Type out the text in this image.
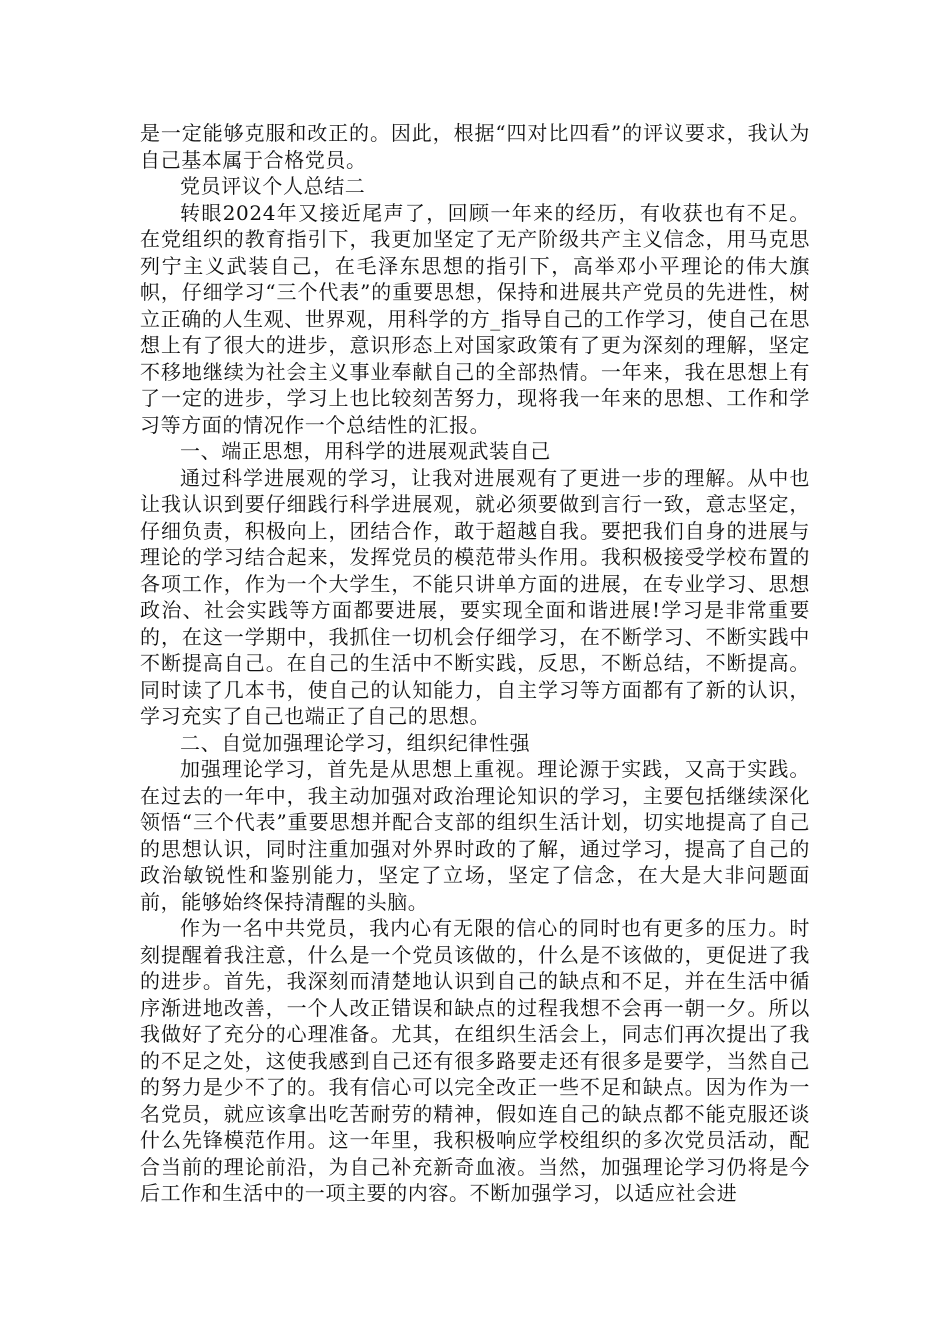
是一定能够克服和改正的。因此，根据“四对比四看”的评议要求，我认为自己基本属于合格党员。

党员评议个人总结二

转眼2024年又接近尾声了，回顾一年来的经历，有收获也有不足。在党组织的教育指引下，我更加坚定了无产阶级共产主义信念，用马克思列宁主义武装自己，在毛泽东思想的指引下，高举邓小平理论的伟大旗帜，仔细学习“三个代表”的重要思想，保持和进展共产党员的先进性，树立正确的人生观、世界观，用科学的方_指导自己的工作学习，使自己在思想上有了很大的进步，意识形态上对国家政策有了更为深刻的理解，坚定不移地继续为社会主义事业奉献自己的全部热情。一年来，我在思想上有了一定的进步，学习上也比较刻苦努力，现将我一年来的思想、工作和学习等方面的情况作一个总结性的汇报。

一、端正思想，用科学的进展观武装自己

通过科学进展观的学习，让我对进展观有了更进一步的理解。从中也让我认识到要仔细践行科学进展观，就必须要做到言行一致，意志坚定，仔细负责，积极向上，团结合作，敢于超越自我。要把我们自身的进展与理论的学习结合起来，发挥党员的模范带头作用。我积极接受学校布置的各项工作，作为一个大学生，不能只讲单方面的进展，在专业学习、思想政治、社会实践等方面都要进展，要实现全面和谐进展!学习是非常重要的，在这一学期中，我抓住一切机会仔细学习，在不断学习、不断实践中不断提高自己。在自己的生活中不断实践，反思，不断总结，不断提高。同时读了几本书，使自己的认知能力，自主学习等方面都有了新的认识，学习充实了自己也端正了自己的思想。

二、自觉加强理论学习，组织纪律性强

加强理论学习，首先是从思想上重视。理论源于实践，又高于实践。在过去的一年中，我主动加强对政治理论知识的学习，主要包括继续深化领悟“三个代表”重要思想并配合支部的组织生活计划，切实地提高了自己的思想认识，同时注重加强对外界时政的了解，通过学习，提高了自己的政治敏锐性和鉴别能力，坚定了立场，坚定了信念，在大是大非问题面前，能够始终保持清醒的头脑。

作为一名中共党员，我内心有无限的信心的同时也有更多的压力。时刻提醒着我注意，什么是一个党员该做的，什么是不该做的，更促进了我的进步。首先，我深刻而清楚地认识到自己的缺点和不足，并在生活中循序渐进地改善，一个人改正错误和缺点的过程我想不会再一朝一夕。所以我做好了充分的心理准备。尤其，在组织生活会上，同志们再次提出了我的不足之处，这使我感到自己还有很多路要走还有很多是要学，当然自己的努力是少不了的。我有信心可以完全改正一些不足和缺点。因为作为一名党员，就应该拿出吃苦耐劳的精神，假如连自己的缺点都不能克服还谈什么先锋模范作用。这一年里，我积极响应学校组织的多次党员活动，配合当前的理论前沿，为自己补充新奇血液。当然，加强理论学习仍将是今后工作和生活中的一项主要的内容。不断加强学习，以适应社会进
